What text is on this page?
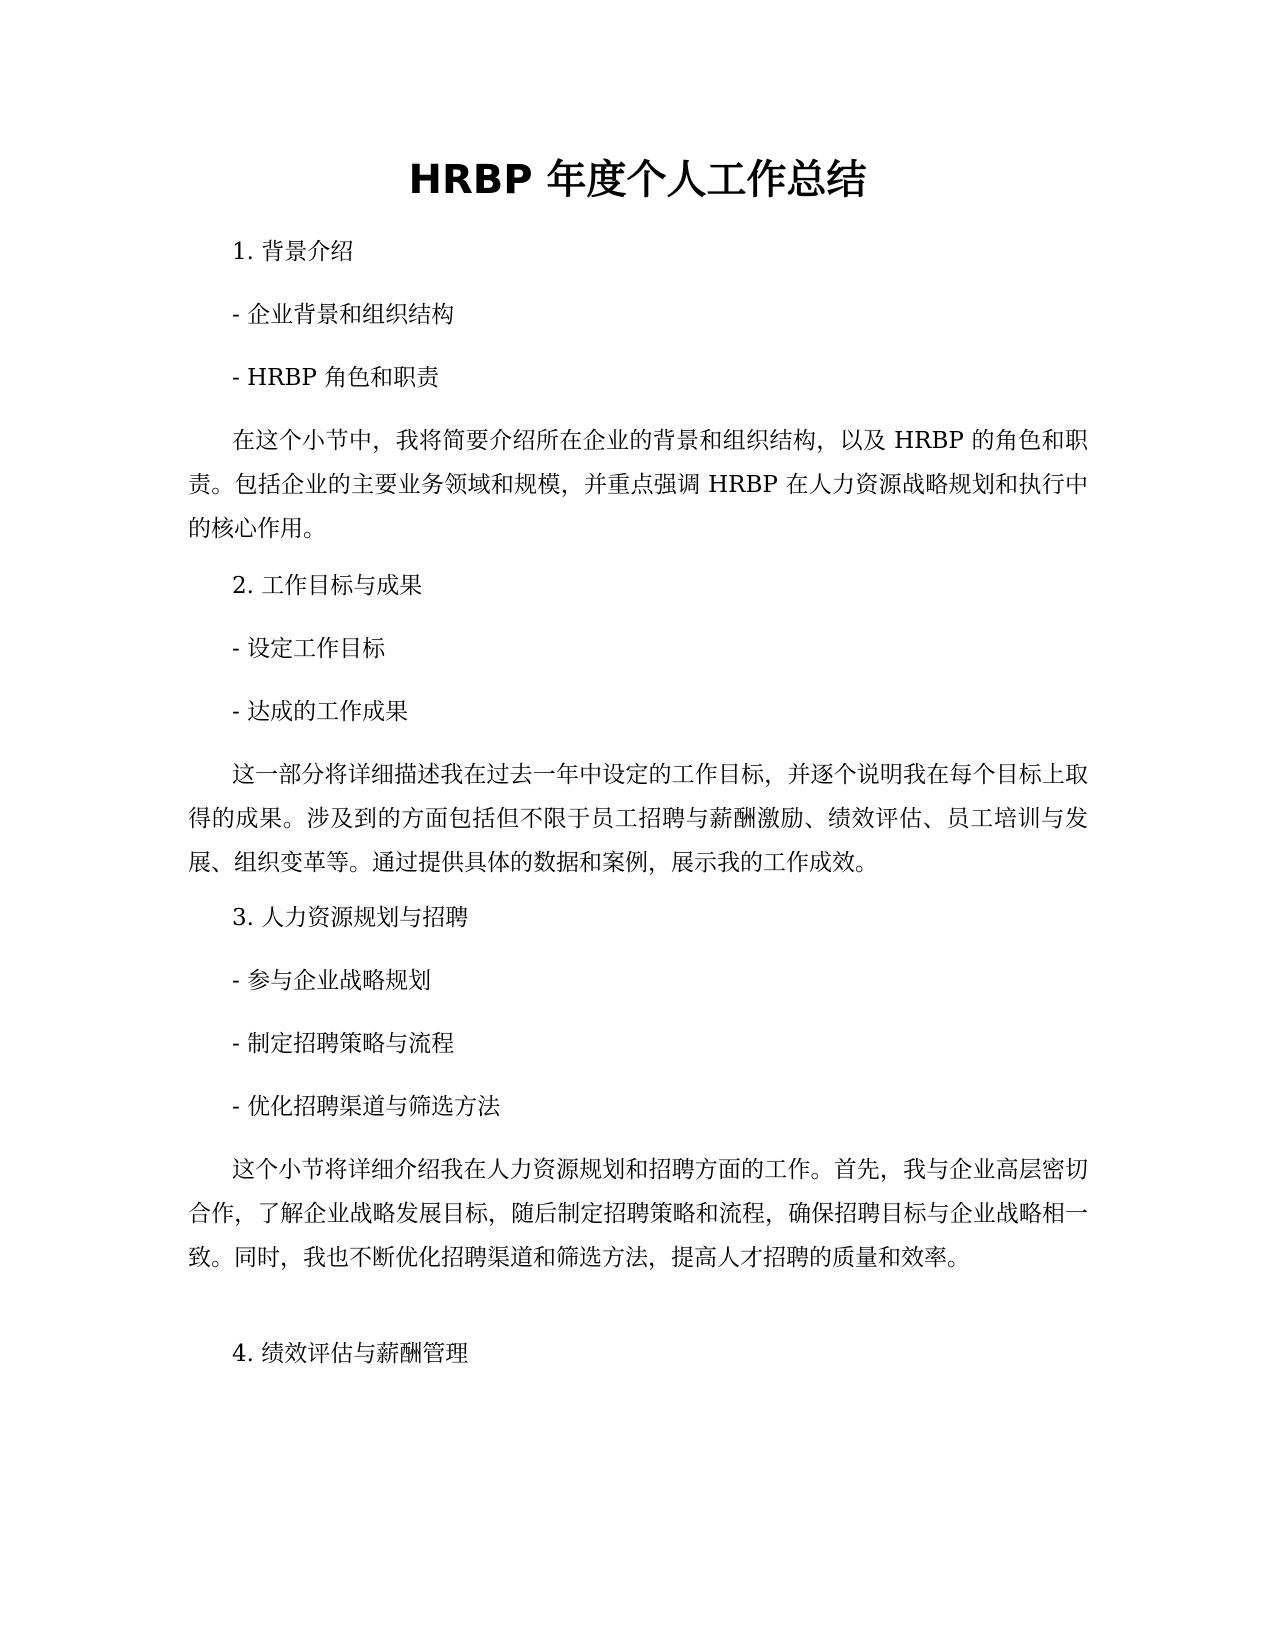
HRBP 年度个人工作总结
1. 背景介绍
- 企业背景和组织结构
- HRBP 角色和职责
在这个小节中，我将简要介绍所在企业的背景和组织结构，以及 HRBP 的角色和职责。包括企业的主要业务领域和规模，并重点强调 HRBP 在人力资源战略规划和执行中的核心作用。
2. 工作目标与成果
- 设定工作目标
- 达成的工作成果
这一部分将详细描述我在过去一年中设定的工作目标，并逐个说明我在每个目标上取得的成果。涉及到的方面包括但不限于员工招聘与薪酬激励、绩效评估、员工培训与发展、组织变革等。通过提供具体的数据和案例，展示我的工作成效。
3. 人力资源规划与招聘
- 参与企业战略规划
- 制定招聘策略与流程
- 优化招聘渠道与筛选方法
这个小节将详细介绍我在人力资源规划和招聘方面的工作。首先，我与企业高层密切合作，了解企业战略发展目标，随后制定招聘策略和流程，确保招聘目标与企业战略相一致。同时，我也不断优化招聘渠道和筛选方法，提高人才招聘的质量和效率。
4. 绩效评估与薪酬管理
